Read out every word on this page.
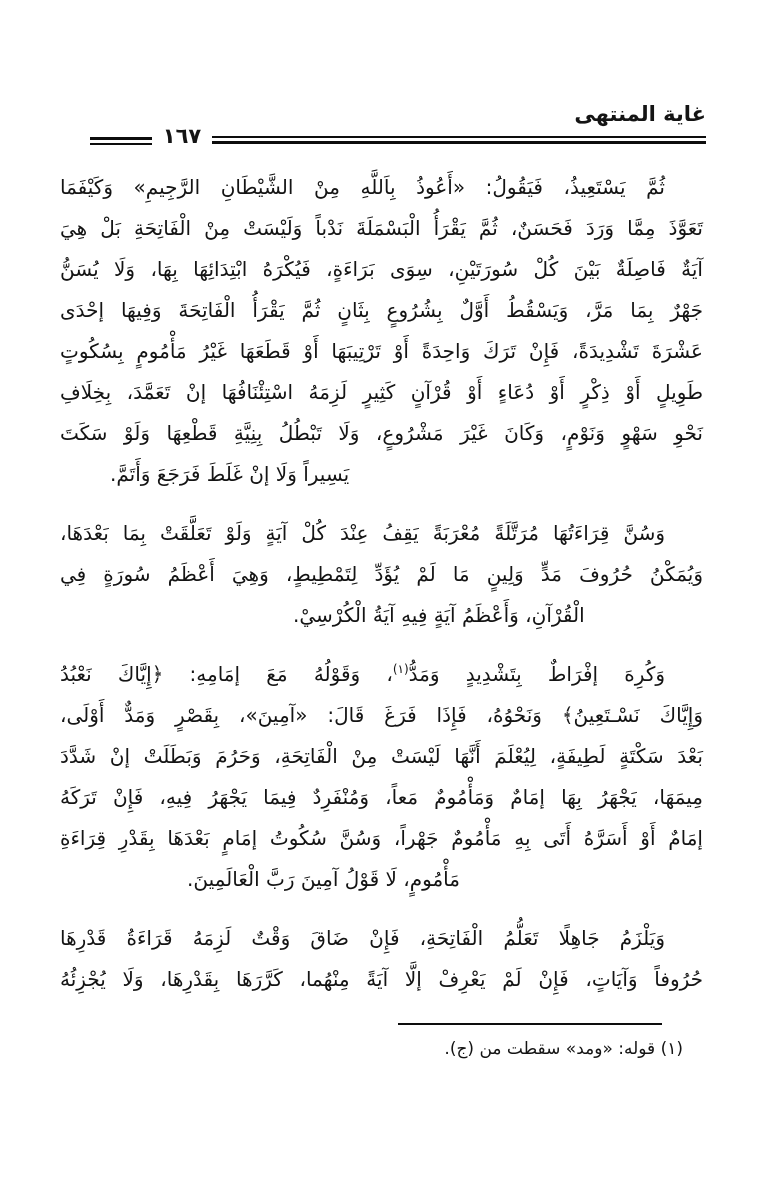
غاية المنتهى
١٦٧
ثُمَّ يَسْتَعِيذُ، فَيَقُولُ: «أَعُوذُ بِاَللَّهِ مِنْ الشَّيْطَانِ الرَّجِيمِ» وَكَيْفَمَا
تَعَوَّذَ مِمَّا وَرَدَ فَحَسَنٌ، ثُمَّ يَقْرَأُ الْبَسْمَلَةَ نَدْباً وَلَيْسَتْ مِنْ الْفَاتِحَةِ بَلْ هِيَ
آيَةٌ فَاصِلَةٌ بَيْنَ كُلْ سُورَتَيْنِ، سِوَى بَرَاءَةٍ، فَيُكْرَهُ ابْتِدَائِهَا بِهَا، وَلَا يُسَنُّ
جَهْرٌ بِمَا مَرَّ، وَيَسْقُطُ أَوَّلٌ بِشُرُوعٍ بِثَانٍ ثُمَّ يَقْرَأُ الْفَاتِحَةَ وَفِيهَا إحْدَى
عَشْرَةَ تَشْدِيدَةً، فَإِنْ تَرَكَ وَاحِدَةً أَوْ تَرْتِيبَهَا أَوْ قَطَعَهَا غَيْرُ مَأْمُومٍ بِسُكُوتٍ
طَوِيلٍ أَوْ ذِكْرٍ أَوْ دُعَاءٍ أَوْ قُرْآنٍ كَثِيرٍ لَزِمَهُ اسْتِئْنَافُهَا إنْ تَعَمَّدَ، بِخِلَافِ
نَحْوِ سَهْوٍ وَنَوْمٍ، وَكَانَ غَيْرَ مَشْرُوعٍ، وَلَا تَبْطُلُ بِنِيَّةِ قَطْعِهَا وَلَوْ سَكَتَ
يَسِيراً وَلَا إنْ غَلَطَ فَرَجَعَ وَأَتَمَّ.
وَسُنَّ قِرَاءَتُهَا مُرَتَّلَةً مُعْرَبَةً يَقِفُ عِنْدَ كُلْ آيَةٍ وَلَوْ تَعَلَّقَتْ بِمَا بَعْدَهَا،
وَيُمَكْنُ حُرُوفَ مَدٍّ وَلِينٍ مَا لَمْ يُؤَدِّ لِتَمْطِيطٍ، وَهِيَ أَعْظَمُ سُورَةٍ فِي
الْقُرْآنِ، وَأَعْظَمُ آيَةٍ فِيهِ آيَةُ الْكُرْسِيْ.
وَكُرِهَ إفْرَاطٌ بِتَشْدِيدٍ وَمَدُّ$^{(١)}$، وَقَوْلُهُ مَعَ إمَامِهِ: ﴿إِيَّاكَ نَعْبُدُ
وَإِيَّاكَ نَسْـتَعِينُ﴾ وَنَحْوُهُ، فَإِذَا فَرَغَ قَالَ: «آمِينَ»، بِقَصْرٍ وَمَدٌّ أَوْلَى،
بَعْدَ سَكْتَةٍ لَطِيفَةٍ، لِيُعْلَمَ أَنَّهَا لَيْسَتْ مِنْ الْفَاتِحَةِ، وَحَرُمَ وَبَطَلَتْ إنْ شَدَّدَ
مِيمَهَا، يَجْهَرُ بِهَا إمَامٌ وَمَأْمُومٌ مَعاً، وَمُنْفَرِدٌ فِيمَا يَجْهَرُ فِيهِ، فَإِنْ تَرَكَهُ
إمَامٌ أَوْ أَسَرَّهُ أَتَى بِهِ مَأْمُومٌ جَهْراً، وَسُنَّ سُكُوتُ إمَامٍ بَعْدَهَا بِقَدْرِ قِرَاءَةِ
مَأْمُومٍ، لَا قَوْلُ آمِينَ رَبَّ الْعَالَمِينَ.
وَيَلْزَمُ جَاهِلًا تَعَلُّمُ الْفَاتِحَةِ، فَإِنْ ضَاقَ وَقْتٌ لَزِمَهُ قَرَاءَةُ قَدْرِهَا
حُرُوفاً وَآيَاتٍ، فَإِنْ لَمْ يَعْرِفْ إلَّا آيَةً مِنْهُما، كَرَّرَهَا بِقَدْرِهَا، وَلَا يُجْزِئُهُ
(١) قوله: «ومد» سقطت من (ج).
